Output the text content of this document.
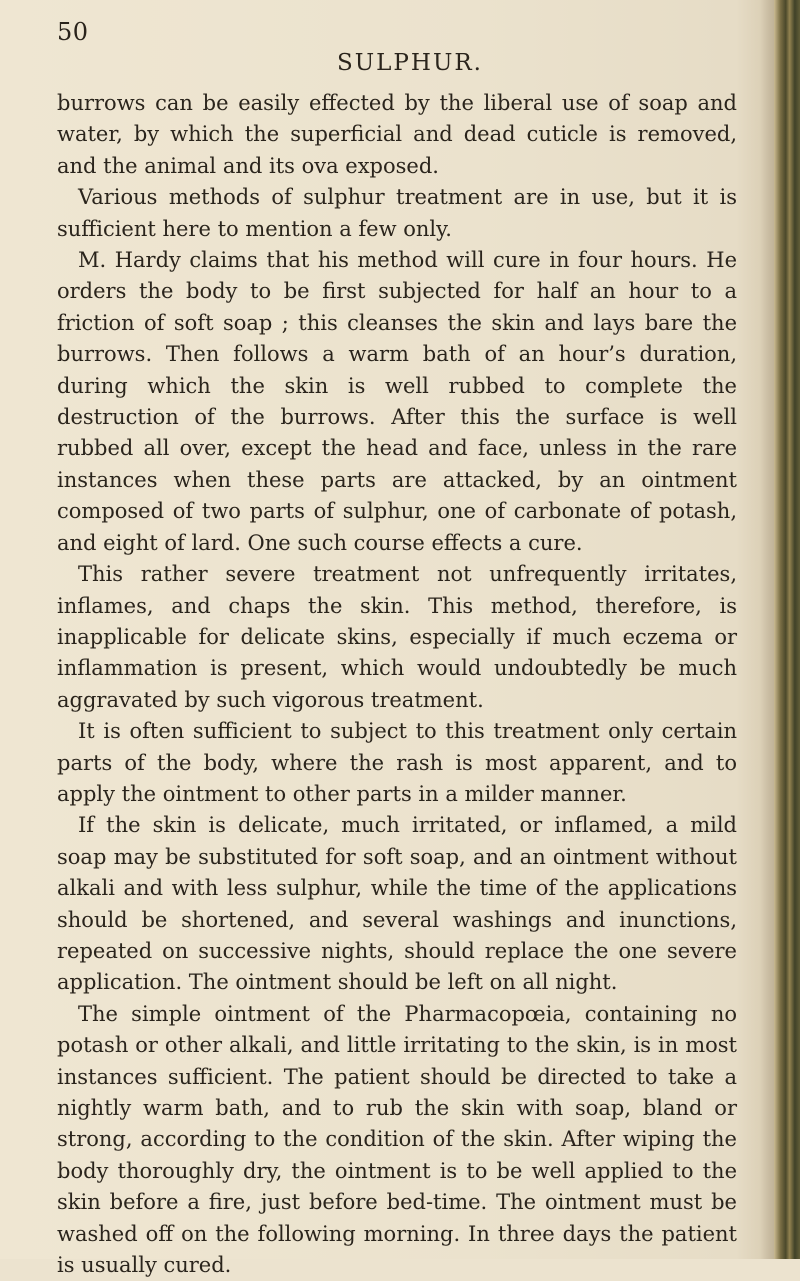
50
SULPHUR.

burrows can be easily effected by the liberal use of soap and water, by which the superficial and dead cuticle is removed, and the animal and its ova exposed.

Various methods of sulphur treatment are in use, but it is sufficient here to mention a few only.

M. Hardy claims that his method will cure in four hours. He orders the body to be first subjected for half an hour to a friction of soft soap ; this cleanses the skin and lays bare the burrows. Then follows a warm bath of an hour’s duration, during which the skin is well rubbed to complete the destruction of the burrows. After this the surface is well rubbed all over, except the head and face, unless in the rare instances when these parts are attacked, by an ointment composed of two parts of sulphur, one of carbonate of potash, and eight of lard. One such course effects a cure.

This rather severe treatment not unfrequently irritates, inflames, and chaps the skin. This method, therefore, is inapplicable for delicate skins, especially if much eczema or inflammation is present, which would undoubtedly be much aggravated by such vigorous treatment.

It is often sufficient to subject to this treatment only certain parts of the body, where the rash is most apparent, and to apply the ointment to other parts in a milder manner.

If the skin is delicate, much irritated, or inflamed, a mild soap may be substituted for soft soap, and an ointment without alkali and with less sulphur, while the time of the applications should be shortened, and several washings and inunctions, repeated on successive nights, should replace the one severe application. The ointment should be left on all night.

The simple ointment of the Pharmacopœia, containing no potash or other alkali, and little irritating to the skin, is in most instances sufficient. The patient should be directed to take a nightly warm bath, and to rub the skin with soap, bland or strong, according to the condition of the skin. After wiping the body thoroughly dry, the ointment is to be well applied to the skin before a fire, just before bed-time. The ointment must be washed off on the following morning. In three days the patient is usually cured.
